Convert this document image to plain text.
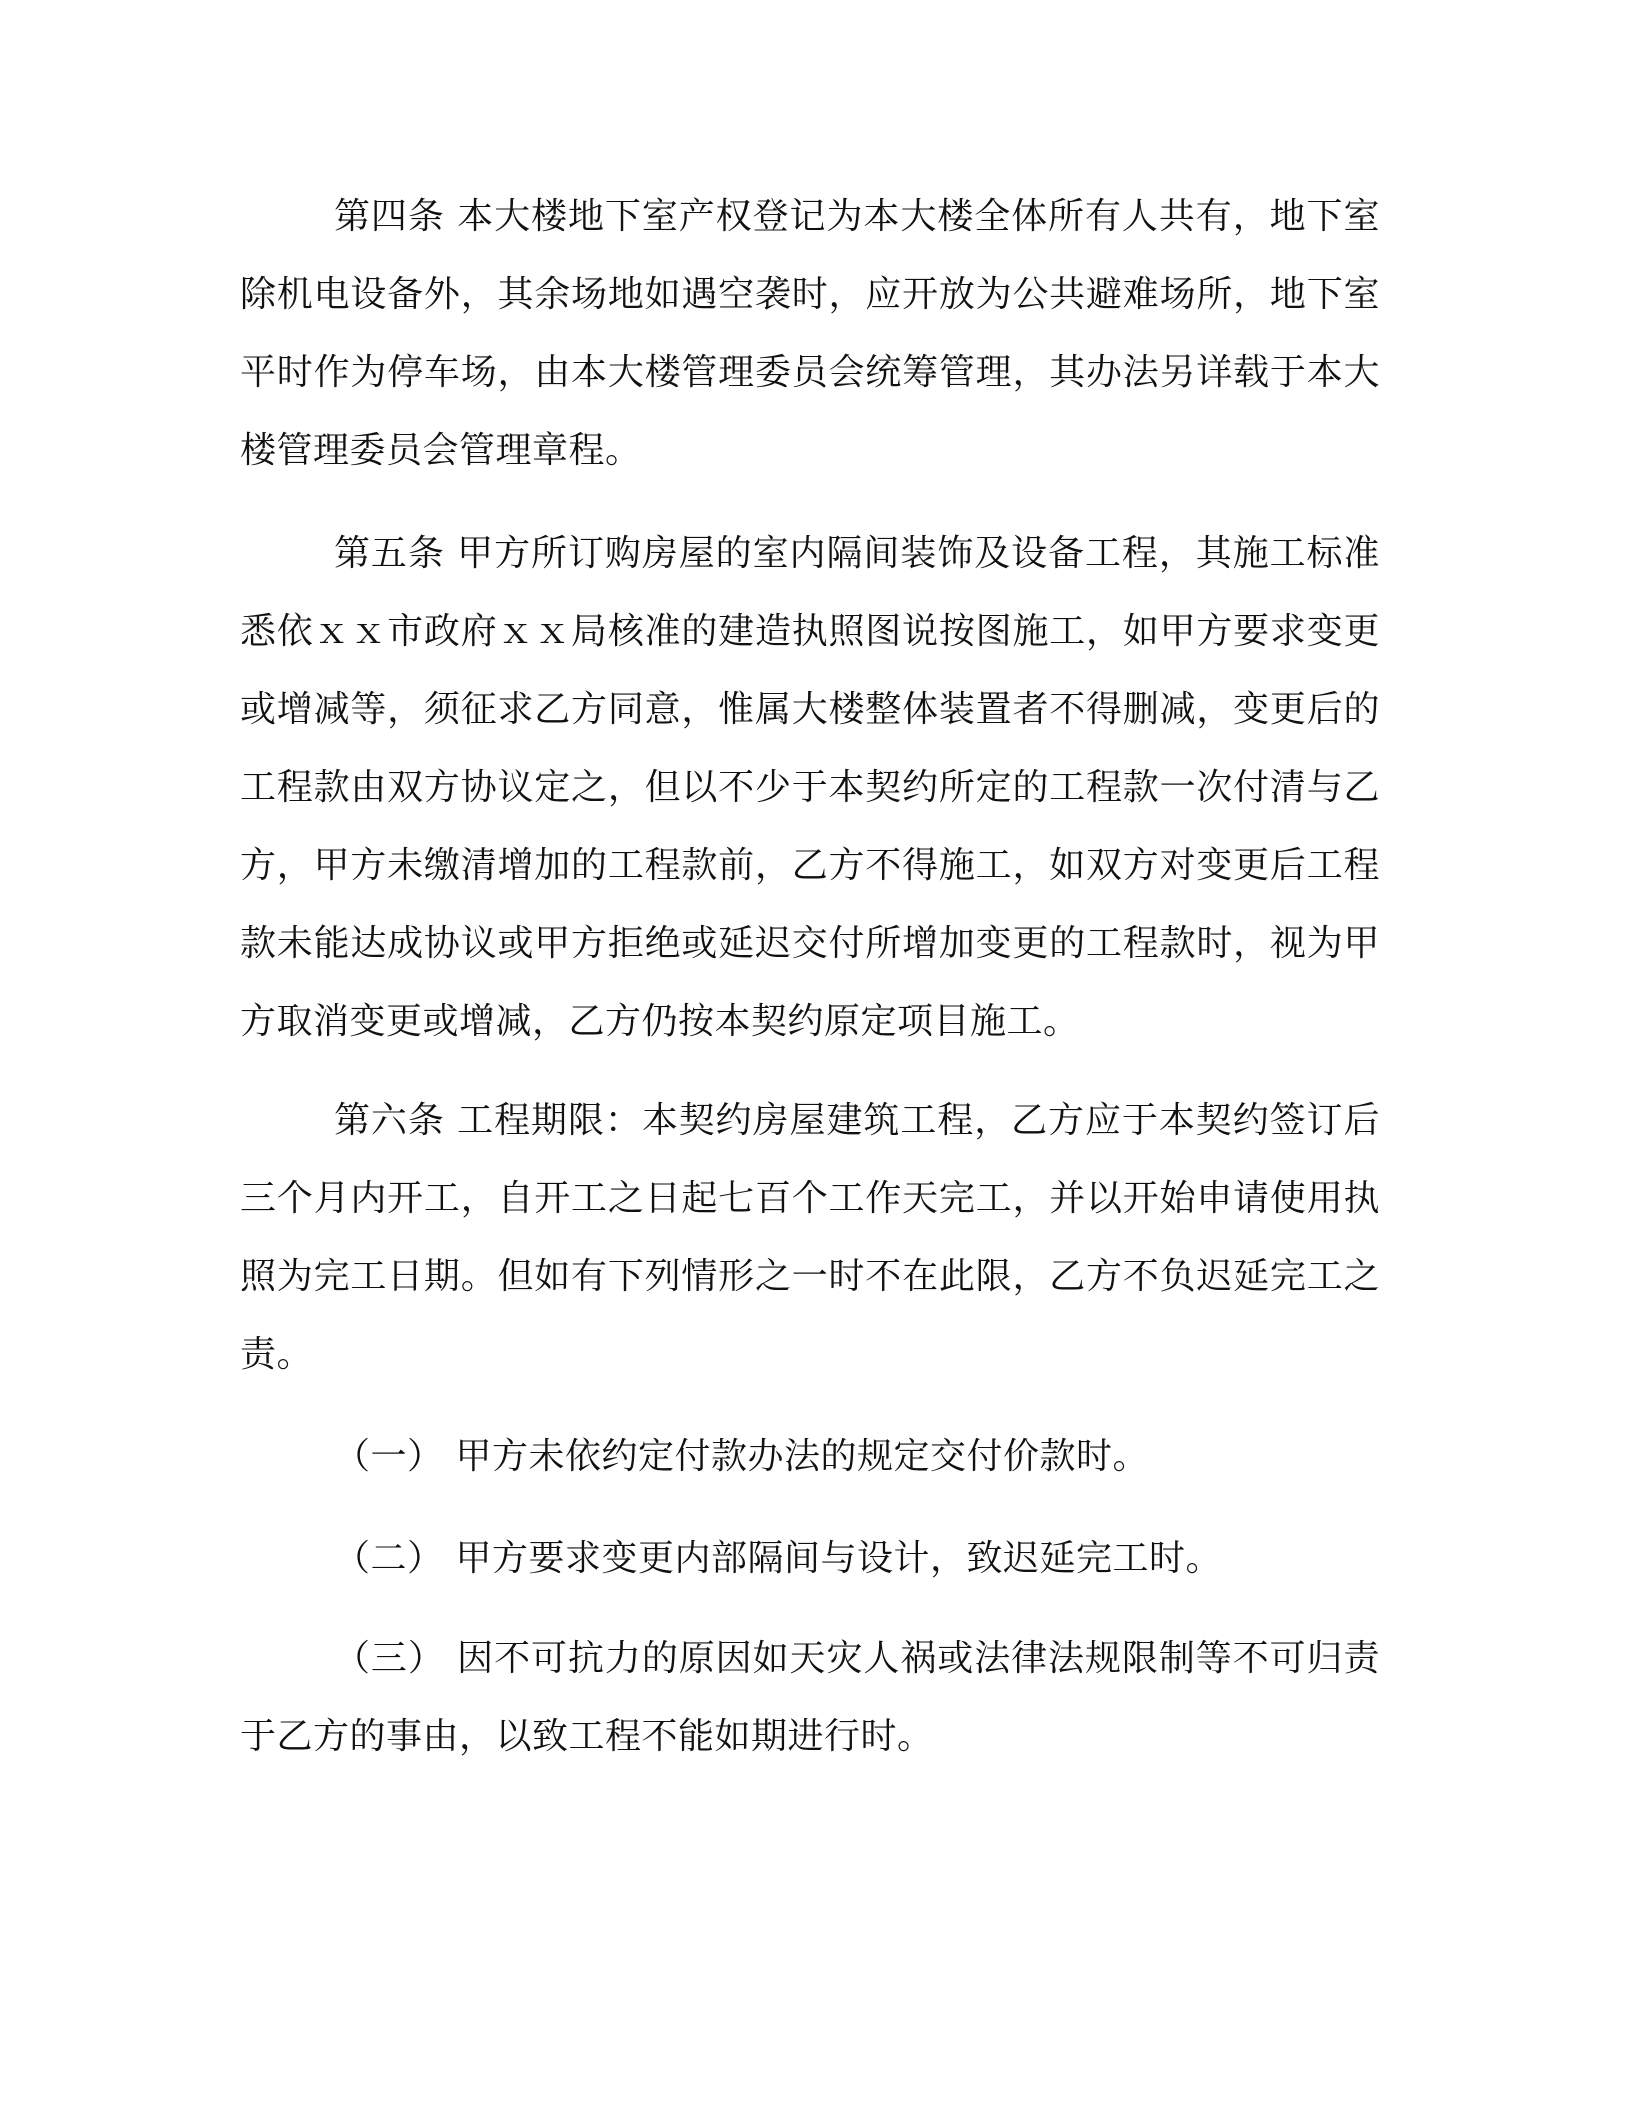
第四条 本大楼地下室产权登记为本大楼全体所有人共有，地下室除机电设备外，其余场地如遇空袭时，应开放为公共避难场所，地下室平时作为停车场，由本大楼管理委员会统筹管理，其办法另详载于本大楼管理委员会管理章程。

第五条 甲方所订购房屋的室内隔间装饰及设备工程，其施工标准悉依ｘｘ市政府ｘｘ局核准的建造执照图说按图施工，如甲方要求变更或增减等，须征求乙方同意，惟属大楼整体装置者不得删减，变更后的工程款由双方协议定之，但以不少于本契约所定的工程款一次付清与乙方，甲方未缴清增加的工程款前，乙方不得施工，如双方对变更后工程款未能达成协议或甲方拒绝或延迟交付所增加变更的工程款时，视为甲方取消变更或增减，乙方仍按本契约原定项目施工。

第六条 工程期限：本契约房屋建筑工程，乙方应于本契约签订后三个月内开工，自开工之日起七百个工作天完工，并以开始申请使用执照为完工日期。但如有下列情形之一时不在此限，乙方不负迟延完工之责。

（一） 甲方未依约定付款办法的规定交付价款时。

（二） 甲方要求变更内部隔间与设计，致迟延完工时。

（三） 因不可抗力的原因如天灾人祸或法律法规限制等不可归责于乙方的事由，以致工程不能如期进行时。
